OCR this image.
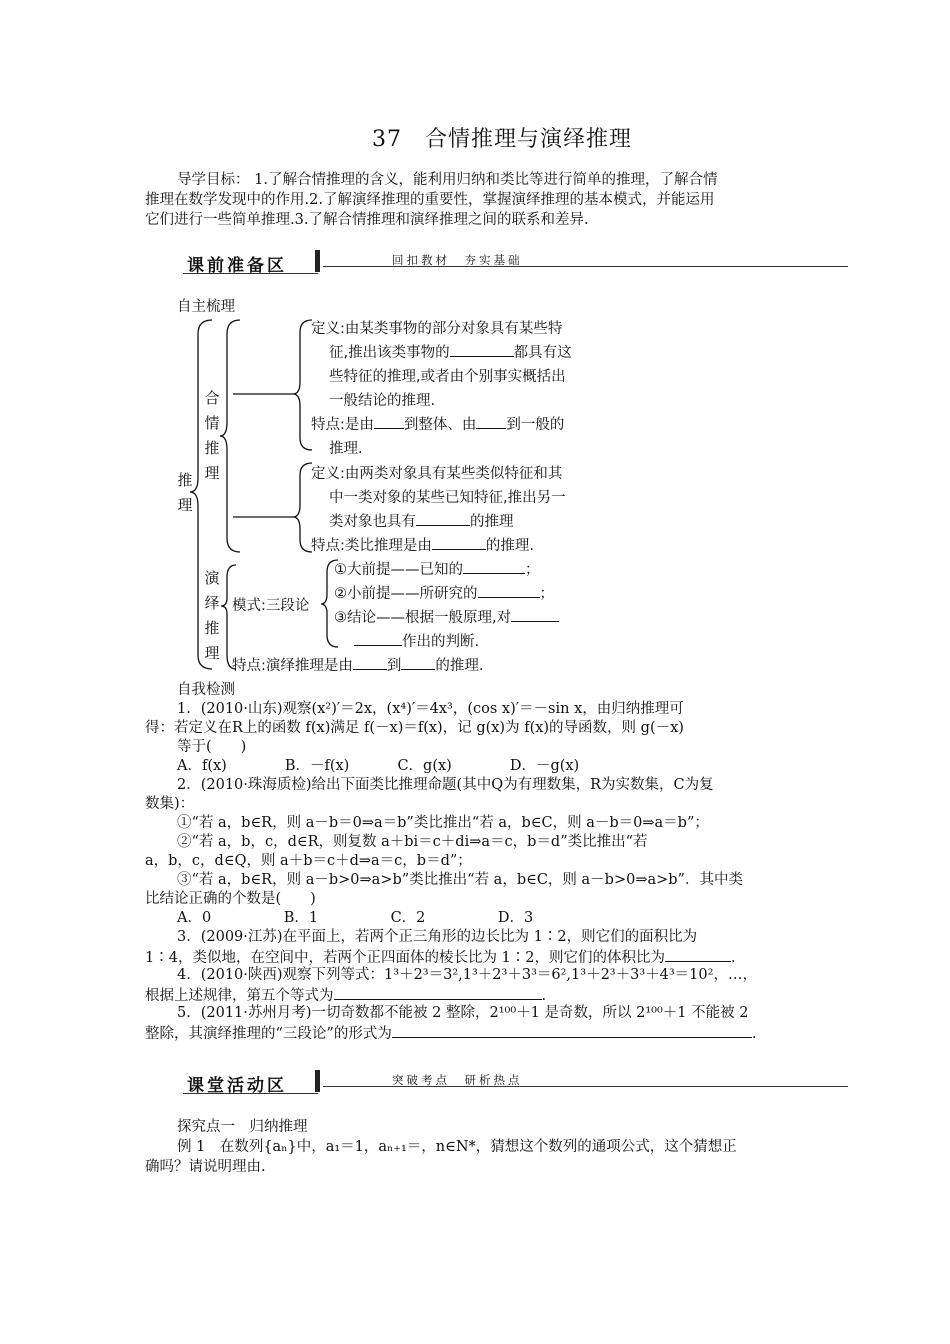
37　合情推理与演绎推理
导学目标： 1.了解合情推理的含义，能利用归纳和类比等进行简单的推理，了解合情
推理在数学发现中的作用.2.了解演绎推理的重要性，掌握演绎推理的基本模式，并能运用
它们进行一些简单推理.3.了解合情推理和演绎推理之间的联系和差异.
课前准备区	回扣教材　夯实基础
自主梳理
推理
合情推理
演绎推理
定义:由某类事物的部分对象具有某些特
征,推出该类事物的	都具有这
些特征的推理,或者由个别事实概括出
一般结论的推理.
特点:是由 到整体、由 到一般的
推理.
定义:由两类对象具有某些类似特征和其
中一类对象的某些已知特征,推出另一
类对象也具有	的推理
特点:类比推理是由	的推理.
模式:三段论
①大前提——已知的	；
②小前提——所研究的	；
③结论——根据一般原理,对
作出的判断.
特点:演绎推理是由 到 的推理.
自我检测
1．(2010·山东)观察(x²)′＝2x，(x⁴)′＝4x³，(cos x)′＝－sin x，由归纳推理可
得：若定义在R上的函数 f(x)满足 f(－x)＝f(x)，记 g(x)为 f(x)的导函数，则 g(－x)
等于(　　)
A．f(x)　　　　B．－f(x)　　　 C．g(x)　　　　D．－g(x)
2．(2010·珠海质检)给出下面类比推理命题(其中Q为有理数集，R为实数集，C为复
数集)：
①“若 a，b∈R，则 a－b＝0⇒a＝b”类比推出“若 a，b∈C，则 a－b＝0⇒a＝b”；
②“若 a，b，c，d∈R，则复数 a＋bi＝c＋di⇒a＝c，b＝d”类比推出“若
a，b，c，d∈Q，则 a＋b＝c＋d⇒a＝c，b＝d”；
③“若 a，b∈R，则 a－b>0⇒a>b”类比推出“若 a，b∈C，则 a－b>0⇒a>b”．其中类
比结论正确的个数是(　　)
A．0　　　　　B．1　　　　　C．2　　　　　D．3
3．(2009·江苏)在平面上，若两个正三角形的边长比为 1∶2，则它们的面积比为
1∶4，类似地，在空间中，若两个正四面体的棱长比为 1∶2，则它们的体积比为	.
4．(2010·陕西)观察下列等式：1³＋2³＝3²,1³＋2³＋3³＝6²,1³＋2³＋3³＋4³＝10²，…，
根据上述规律，第五个等式为	.
5．(2011·苏州月考)一切奇数都不能被 2 整除，2¹⁰⁰＋1 是奇数，所以 2¹⁰⁰＋1 不能被 2
整除，其演绎推理的“三段论”的形式为	.
课堂活动区	突破考点　研析热点
探究点一　归纳推理
例 1　在数列{aₙ}中，a₁＝1，aₙ₊₁＝，n∈N*，猜想这个数列的通项公式，这个猜想正
确吗？请说明理由.
